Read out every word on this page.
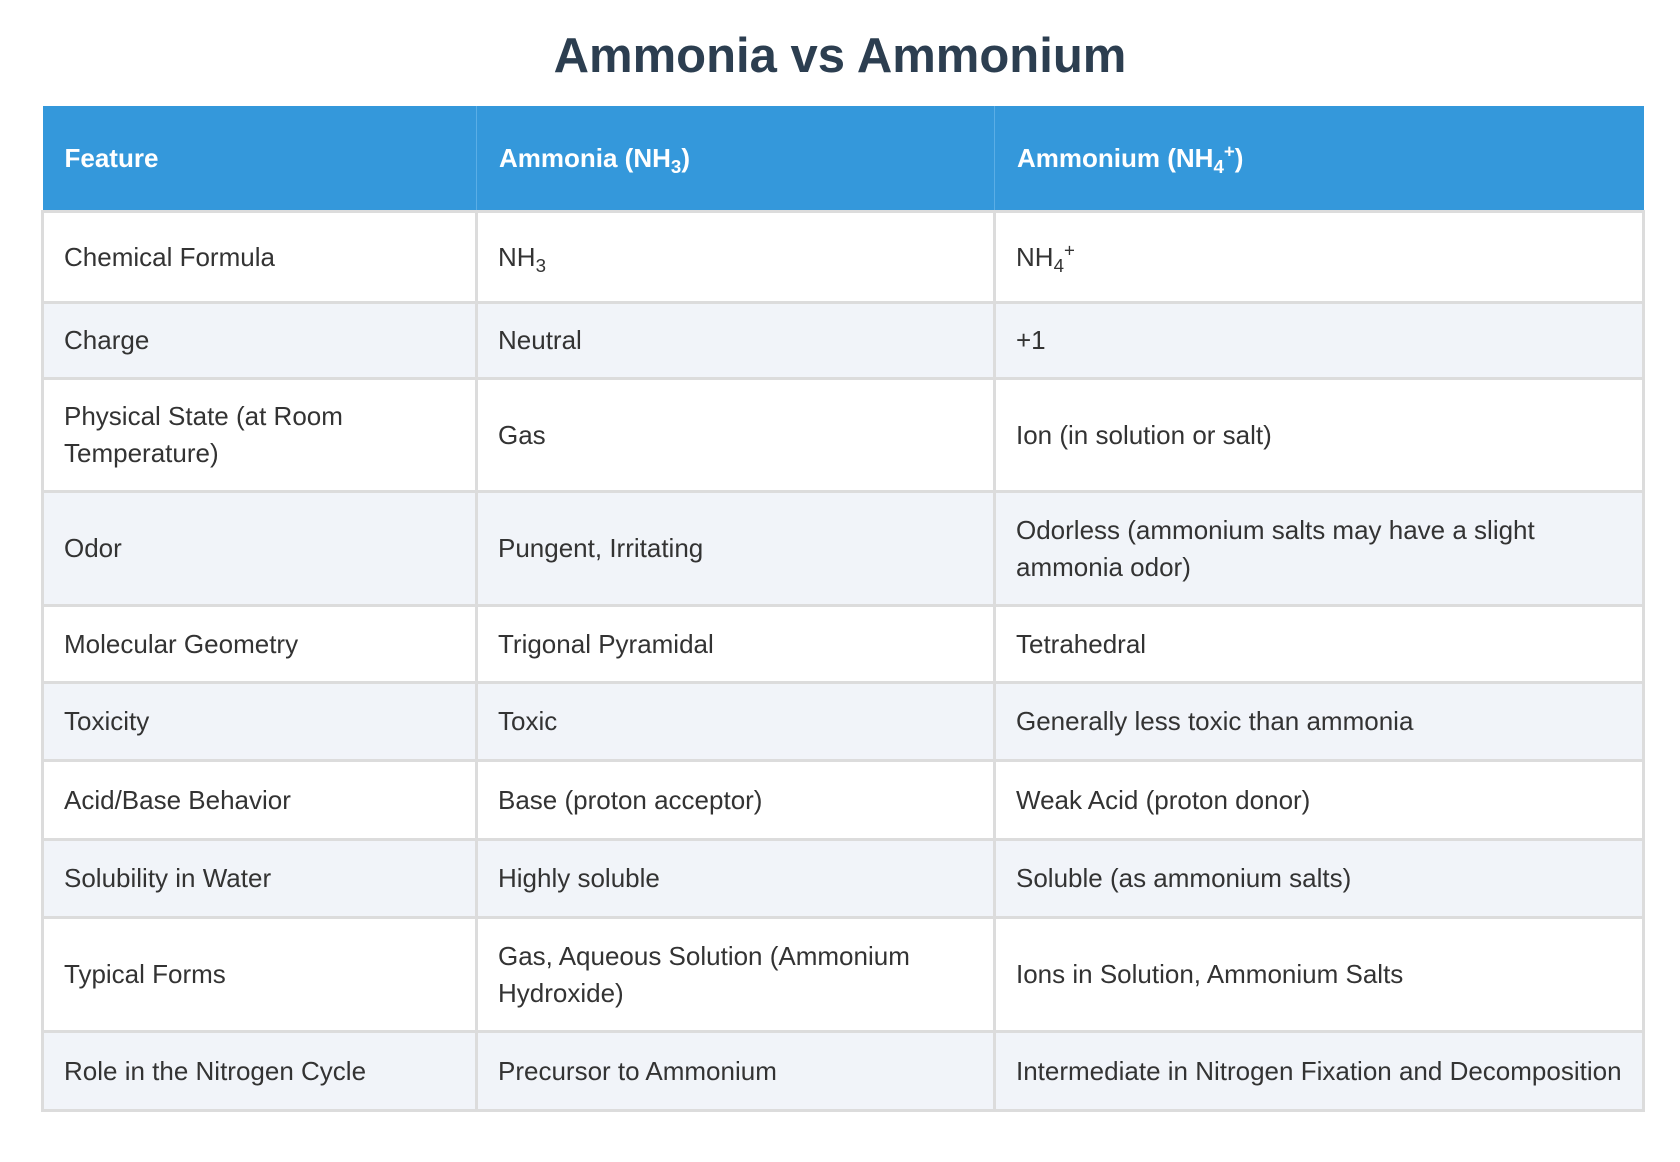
Ammonia vs Ammonium
Feature	Ammonia $(NH_3)$	Ammonium $(NH_4^+)$
Chemical Formula	$NH_3$	$NH_4^+$
Charge	Neutral	+1
Physical State (at Room Temperature)	Gas	Ion (in solution or salt)
Odor	Pungent, Irritating	Odorless (ammonium salts may have a slight ammonia odor)
Molecular Geometry	Trigonal Pyramidal	Tetrahedral
Toxicity	Toxic	Generally less toxic than ammonia
Acid/Base Behavior	Base (proton acceptor)	Weak Acid (proton donor)
Solubility in Water	Highly soluble	Soluble (as ammonium salts)
Typical Forms	Gas, Aqueous Solution (Ammonium Hydroxide)	Ions in Solution, Ammonium Salts
Role in the Nitrogen Cycle	Precursor to Ammonium	Intermediate in Nitrogen Fixation and Decomposition
